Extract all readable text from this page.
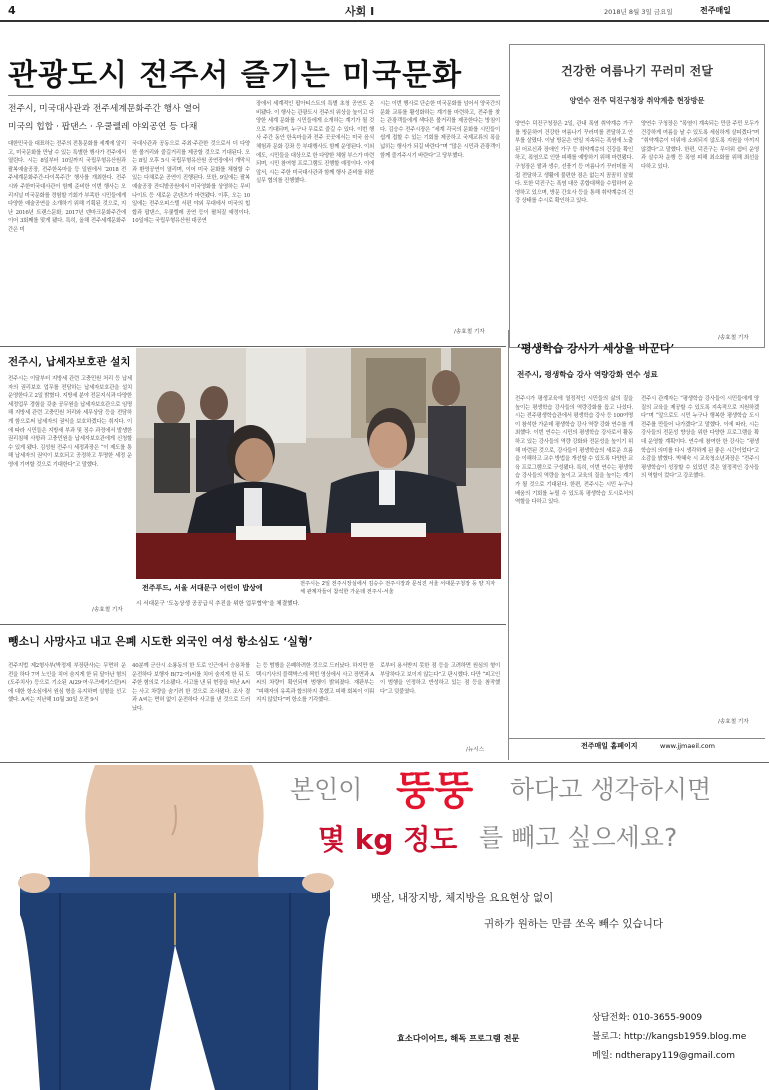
4	사회 Ⅰ	2018년 8월 3일 금요일	전주매일
관광도시 전주서 즐기는 미국문화
전주시, 미국대사관과 전주세계문화주간 행사 열어
미국의 힙합 · 팝댄스 · 우쿨렐레 야외공연 등 다채
대한민국을 대표하는 전주의 전통문화를 세계에 알리고, 미국문화를 만날 수 있는 특별한 행사가 전주에서 열린다. 시는 8일부터 10일까지 국립무형유산원과 팔복예술공장, 전주한옥마을 등 일원에서 ‘2018 전주세계문화주간-다이목주간’ 행사를 개최한다. 전주시와 주한미국대사관이 함께 준비한 이번 행사는 오리지널 미국문화를 경험할 기회가 부족한 시민들에게 다양한 예술공연을 소개하기 위해 기획된 것으로, 지난 2016년 트랜스문화, 2017년 덴마크문화주간에 이어 3회째를 맞게 됐다. 특히, 올해 전주세계문화주간은 미
국대사관과 공동으로 주최·주관한 것으로서 더 다양한 볼거리와 즐길거리를 제공할 것으로 기대된다. 오는 8일 오후 5시 국립무형유산원 공연장에서 개막식과 환영공연이 열리며, 이어 미국 문화를 체험할 수 있는 다채로운 공연이 진행된다. 또한, 9일에는 팔복예술공장 잔디밭공원에서 미국영화를 상영하는 무비나이트 등 새로운 콘텐츠가 마련됐다. 이후, 오는 10일에는 전주오피스텔 서편 야외 무대에서 미국의 힙합과 팝댄스, 우쿨렐레 공연 등이 펼쳐질 예정이다. 10일에는 국립무형유산원 대공연
장에서 세계적인 팝아티스트의 특별 초청 공연도 준비됐다. 이 행사는 관광도시 전주의 위상을 높이고 다양한 세계 문화를 시민들에게 소개하는 계기가 될 것으로 기대되며, 누구나 무료로 즐길 수 있다. 이번 행사 주간 동안 한옥마을과 전주 곳곳에서는 미국 음식 체험과 문화 강좌 등 부대행사도 함께 운영된다. 이외에도, 시민들을 대상으로 한 다양한 체험 부스가 마련되며, 시민 참여형 프로그램도 진행할 예정이다. 이에 앞서, 시는 주한 미국대사관과 함께 행사 준비를 위한 실무 협의를 진행했다.
시는 이번 행사로 단순한 미국문화를 넘어서 양국간의 문화 교류를 활성화하는 계기를 마련하고, 전주를 찾는 관광객들에게 색다른 볼거리를 제공한다는 방침이다. 김승수 전주시장은 “세계 각국의 문화를 시민들이 쉽게 접할 수 있는 기회를 제공하고 국제교류의 폭을 넓히는 행사가 되길 바란다”며 “많은 시민과 관광객이 함께 즐겨주시기 바란다”고 당부했다.
/송효철 기자
건강한 여름나기 꾸러미 전달
양연수 전주 덕진구청장 취약계층 현장방문
양연수 덕진구청장은 2일, 관내 폭염 취약계층 가구를 방문하여 건강한 여름나기 꾸러미를 전달하고 안부를 살폈다. 이날 방문은 연일 지속되는 폭염에 노출된 어르신과 장애인 가구 등 취약계층의 건강을 확인하고, 폭염으로 인한 피해를 예방하기 위해 마련됐다. 구청장은 쌀과 생수, 선풍기 등 여름나기 꾸러미를 직접 전달하고 생활에 불편한 점은 없는지 꼼꼼히 살폈다. 또한 덕진구는 폭염 대응 종합대책을 수립하여 운영하고 있으며, 방문 간호사 등을 통해 취약계층의 건강 상태를 수시로 확인하고 있다.
양연수 구청장은 “폭염이 계속되는 만큼 주민 모두가 건강하게 여름을 날 수 있도록 세심하게 살피겠다”며 “취약계층이 더위에 소외되지 않도록 지원을 아끼지 않겠다”고 말했다. 한편, 덕진구는 무더위 쉼터 운영과 살수차 운행 등 폭염 피해 최소화를 위해 최선을 다하고 있다.
/송효철 기자
전주시, 납세자보호관 설치
전주시는 이달부터 지방세 관련 고충민원 처리 등 납세자의 권리보호 업무를 전담하는 납세자보호관을 설치 운영한다고 2일 밝혔다. 지방세 분야 전문지식과 다양한 세정업무 경험을 갖춘 공무원을 납세자보호관으로 임명해 지방세 관련 고충민원 처리와 세무상담 등을 전담하게 함으로써 납세자의 권익을 보호하겠다는 취지다. 이에 따라 시민들은 지방세 부과 및 징수 과정에서 발생한 권리침해 사항과 고충민원을 납세자보호관에게 신청할 수 있게 됐다. 김성원 전주시 세정과장은 “이 제도를 통해 납세자의 권익이 보호되고 공정하고 투명한 세정 운영에 기여할 것으로 기대한다”고 말했다.
/송효철 기자
전주푸드, 서울 서대문구 어린이 밥상에	전주시는 2일 전주시장실에서 김승수 전주시장과 문석진 서울 서대문구청장 등 양 지자체 관계자들이 참석한 가운데 전주시-서울
시 서대문구 ‘도농상생 공공급식 추진을 위한 업무협약’을 체결했다.
‘평생학습 강사가 세상을 바꾼다’
전주시, 평생학습 강사 역량강화 연수 성료
전주시가 평생교육에 열정적인 시민들의 삶의 질을 높이는 평생학습 강사들의 역량강화를 돕고 나섰다. 시는 전주평생학습관에서 평생학습 강사 등 100여명이 참석한 가운데 평생학습 강사 역량 강화 연수를 개최했다. 이번 연수는 시민의 평생학습 강사로서 활동하고 있는 강사들의 역량 강화와 전문성을 높이기 위해 마련된 것으로, 강사들이 평생학습의 새로운 흐름을 이해하고 교수 방법을 개선할 수 있도록 다양한 교육 프로그램으로 구성됐다. 특히, 이번 연수는 평생학습 강사들의 역량을 높이고 교육의 질을 높이는 계기가 될 것으로 기대된다. 한편, 전주시는 시민 누구나 배움의 기회를 누릴 수 있도록 평생학습 도시로서의 역할을 다하고 있다.
전주시 관계자는 “평생학습 강사들이 시민들에게 양질의 교육을 제공할 수 있도록 지속적으로 지원하겠다”며 “앞으로도 시민 누구나 행복한 평생학습 도시 전주를 만들어 나가겠다”고 말했다. 이에 따라, 시는 강사들의 전문성 향상을 위한 다양한 프로그램을 확대 운영할 계획이다. 연수에 참여한 한 강사는 “평생학습의 의미를 다시 생각하게 된 좋은 시간이었다”고 소감을 밝혔다. 박혜숙 시 교육청소년과장은 “전주시 평생학습이 성장할 수 있었던 것은 열정적인 강사들의 역할이 컸다”고 강조했다.
/송효철 기자
전주매일 홈페이지	www.jjmaeil.com
뺑소니 사망사고 내고 은폐 시도한 외국인 여성 항소심도 ‘실형’
전주지법 제2형사부(박정제 부장판사)는 무면허 운전을 하다 7여 노인을 치어 숨지게 한 뒤 달아난 혐의 (도주치사) 등으로 기소된 A(29·여·우즈베키스탄)씨에 대한 항소심에서 원심 형을 유지하며 실형을 선고했다. A씨는 지난해 10월 30일 오전 9시
40분께 군산시 소룡동의 한 도로 인근에서 승용차를 운전하다 보행자 B(72·여)씨를 치어 숨지게 한 뒤 도주한 혐의로 기소됐다. 사고를 낸 뒤 현장을 떠난 A씨는 사고 차량을 숨기려 한 것으로 조사됐다. 조사 결과 A씨는 면허 없이 운전하다 사고를 낸 것으로 드러났다.
는 등 범행을 은폐하려한 것으로 드러났다. 하지만 한 택시기사의 블랙박스에 찍힌 영상에서 사고 장면과 A씨의 차량이 확인되며 범행이 밝혀졌다. 재판부는 “피해자의 유족과 합의하지 못했고 피해 회복이 이뤄지지 않았다”며 항소를 기각했다.
로부터 용서받지 못한 점 등을 고려하면 원심의 형이 부당하다고 보이지 않는다”고 판시했다. 다만 “피고인이 범행을 인정하고 반성하고 있는 점 등을 참작했다”고 덧붙였다.
/뉴시스
본인이 뚱뚱 하다고 생각하시면
몇 kg 정도 를 빼고 싶으세요?
뱃살, 내장지방, 체지방을 요요현상 없이
귀하가 원하는 만큼 쏘옥 빼수 있습니다
효소다이어트, 해독 프로그램 전문
상담전화: 010-3655-9009
블로그: http://kangsb1959.blog.me
메일: ndtherapy119@gmail.com
